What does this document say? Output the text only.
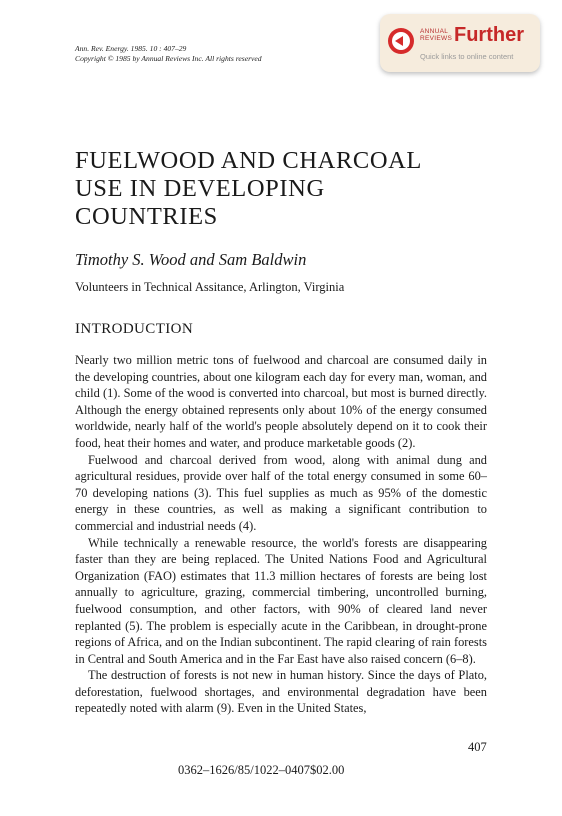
Ann. Rev. Energy. 1985. 10 : 407–29
Copyright © 1985 by Annual Reviews Inc. All rights reserved
ANNUAL
REVIEWS Further
Quick links to online content
FUELWOOD AND CHARCOAL
USE IN DEVELOPING
COUNTRIES
Timothy S. Wood and Sam Baldwin
Volunteers in Technical Assitance, Arlington, Virginia
INTRODUCTION

Nearly two million metric tons of fuelwood and charcoal are consumed daily in the developing countries, about one kilogram each day for every man, woman, and child (1). Some of the wood is converted into charcoal, but most is burned directly. Although the energy obtained represents only about 10% of the energy consumed worldwide, nearly half of the world's people absolutely depend on it to cook their food, heat their homes and water, and produce marketable goods (2).

Fuelwood and charcoal derived from wood, along with animal dung and agricultural residues, provide over half of the total energy consumed in some 60–70 developing nations (3). This fuel supplies as much as 95% of the domestic energy in these countries, as well as making a significant contribution to commercial and industrial needs (4).

While technically a renewable resource, the world's forests are disappearing faster than they are being replaced. The United Nations Food and Agricultural Organization (FAO) estimates that 11.3 million hectares of forests are being lost annually to agriculture, grazing, commercial timbering, uncontrolled burning, fuelwood consumption, and other factors, with 90% of cleared land never replanted (5). The problem is especially acute in the Caribbean, in drought-prone regions of Africa, and on the Indian subcontinent. The rapid clearing of rain forests in Central and South America and in the Far East have also raised concern (6–8).

The destruction of forests is not new in human history. Since the days of Plato, deforestation, fuelwood shortages, and environmental degradation have been repeatedly noted with alarm (9). Even in the United States,

407
0362–1626/85/1022–0407$02.00
